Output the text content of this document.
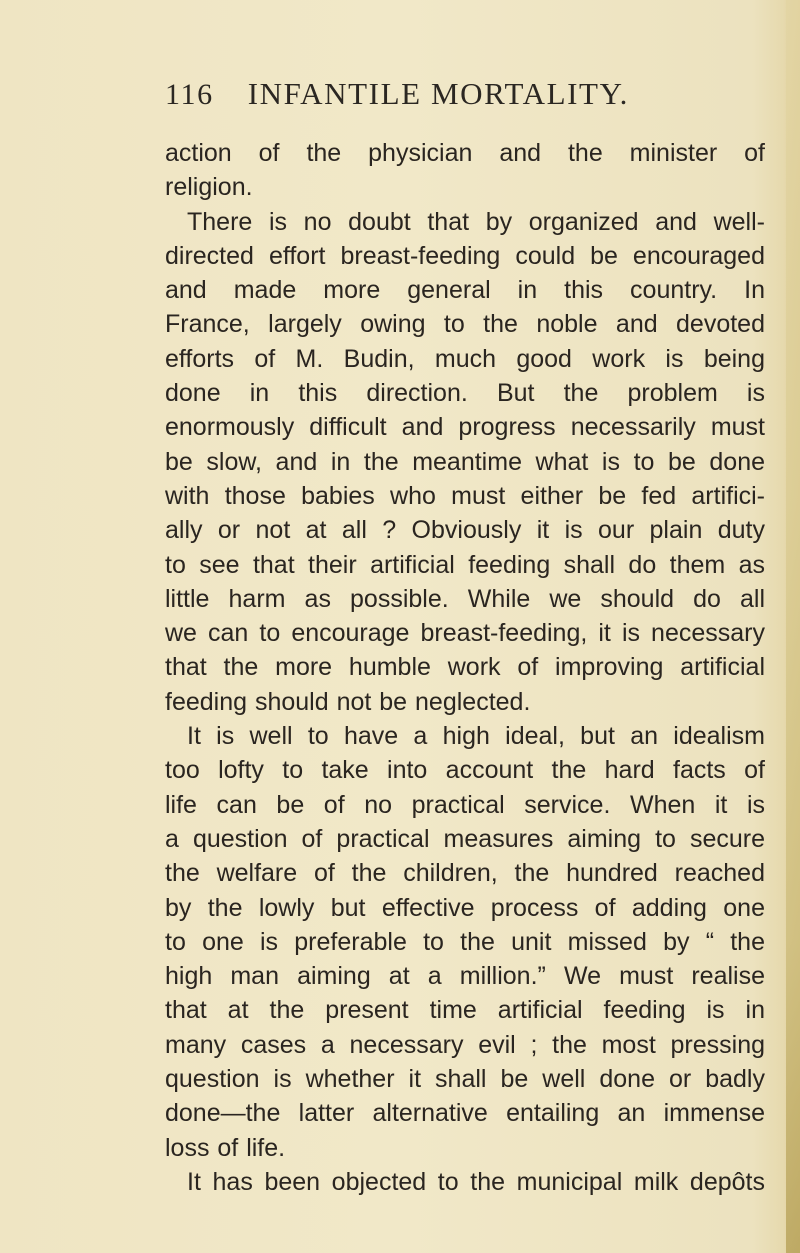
116 INFANTILE MORTALITY.
action of the physician and the minister of
religion.
There is no doubt that by organized and well-
directed effort breast-feeding could be encouraged
and made more general in this country. In
France, largely owing to the noble and devoted
efforts of M. Budin, much good work is being
done in this direction. But the problem is
enormously difficult and progress necessarily must
be slow, and in the meantime what is to be done
with those babies who must either be fed artifici-
ally or not at all ? Obviously it is our plain duty
to see that their artificial feeding shall do them as
little harm as possible. While we should do all
we can to encourage breast-feeding, it is necessary
that the more humble work of improving artificial
feeding should not be neglected.
It is well to have a high ideal, but an idealism
too lofty to take into account the hard facts of
life can be of no practical service. When it is
a question of practical measures aiming to secure
the welfare of the children, the hundred reached
by the lowly but effective process of adding one
to one is preferable to the unit missed by “ the
high man aiming at a million.” We must realise
that at the present time artificial feeding is in
many cases a necessary evil ; the most pressing
question is whether it shall be well done or badly
done—the latter alternative entailing an immense
loss of life.
It has been objected to the municipal milk depôts
